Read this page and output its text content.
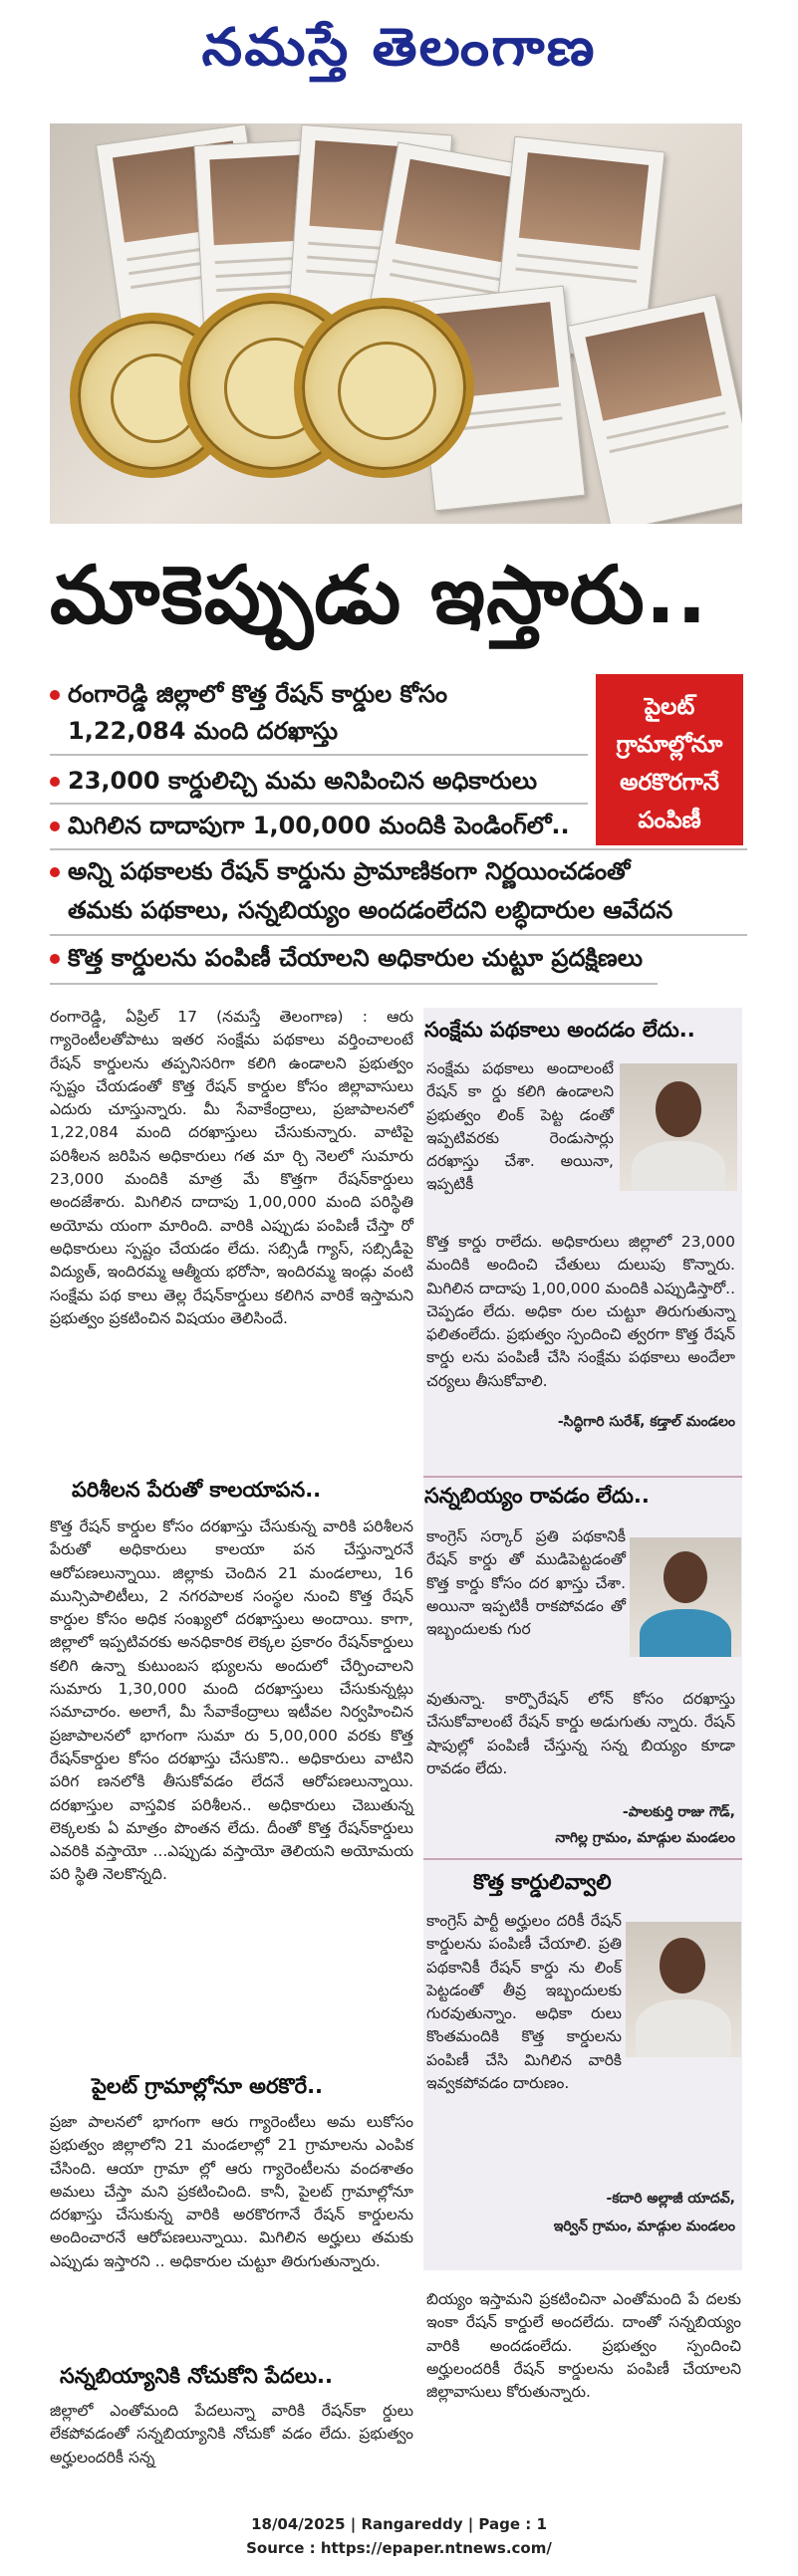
నమస్తే తెలంగాణ
మాకెప్పుడు ఇస్తారు..
రంగారెడ్డి జిల్లాలో కొత్త రేషన్ కార్డుల కోసం
1,22,084 మంది దరఖాస్తు
23,000 కార్డులిచ్చి మమ అనిపించిన అధికారులు
మిగిలిన దాదాపుగా 1,00,000 మందికి పెండింగ్‌లో..
అన్ని పథకాలకు రేషన్ కార్డును ప్రామాణికంగా నిర్ణయించడంతో
తమకు పథకాలు, సన్నబియ్యం అందడంలేదని లబ్ధిదారుల ఆవేదన
కొత్త కార్డులను పంపిణీ చేయాలని అధికారుల చుట్టూ ప్రదక్షిణలు
పైలట్
గ్రామాల్లోనూ
అరకొరగానే
పంపిణీ
రంగారెడ్డి, ఏప్రిల్ 17 (నమస్తే తెలంగాణ) : ఆరు గ్యారెంటీలతోపాటు ఇతర సంక్షేమ పథకాలు వర్తించాలంటే రేషన్ కార్డులను తప్పనిసరిగా కలిగి ఉండాలని ప్రభుత్వం స్పష్టం చేయడంతో కొత్త రేషన్ కార్డుల కోసం జిల్లావాసులు ఎదురు చూస్తున్నారు. మీ సేవాకేంద్రాలు, ప్రజాపాలనలో 1,22,084 మంది దరఖాస్తులు చేసుకున్నారు. వాటిపై పరిశీలన జరిపిన అధికారులు గత మా ర్చి నెలలో సుమారు 23,000 మందికి మాత్ర మే కొత్తగా రేషన్‌కార్డులు అందజేశారు. మిగిలిన దాదాపు 1,00,000 మంది పరిస్థితి అయోమ యంగా మారింది. వారికి ఎప్పుడు పంపిణీ చేస్తా రో అధికారులు స్పష్టం చేయడం లేదు. సబ్సిడీ గ్యాస్, సబ్సిడీపై విద్యుత్, ఇందిరమ్మ ఆత్మీయ భరోసా, ఇందిరమ్మ ఇండ్లు వంటి సంక్షేమ పథ కాలు తెల్ల రేషన్‌కార్డులు కలిగిన వారికే ఇస్తామని ప్రభుత్వం ప్రకటించిన విషయం తెలిసిందే.
పరిశీలన పేరుతో కాలయాపన..
కొత్త రేషన్ కార్డుల కోసం దరఖాస్తు చేసుకున్న వారికి పరిశీలన పేరుతో అధికారులు కాలయా పన చేస్తున్నారనే ఆరోపణలున్నాయి. జిల్లాకు చెందిన 21 మండలాలు, 16 మున్సిపాలిటీలు, 2 నగరపాలక సంస్థల నుంచి కొత్త రేషన్ కార్డుల కోసం అధిక సంఖ్యలో దరఖాస్తులు అందాయి. కాగా, జిల్లాలో ఇప్పటివరకు అనధికారిక లెక్కల ప్రకారం రేషన్‌కార్డులు కలిగి ఉన్నా కుటుంబస భ్యులను అందులో చేర్పించాలని సుమారు 1,30,000 మంది దరఖాస్తులు చేసుకున్నట్లు సమాచారం. అలాగే, మీ సేవాకేంద్రాలు ఇటీవల నిర్వహించిన ప్రజాపాలనలో భాగంగా సుమా రు 5,00,000 వరకు కొత్త రేషన్‌కార్డుల కోసం దరఖాస్తు చేసుకొని.. అధికారులు వాటిని పరిగ ణనలోకి తీసుకోవడం లేదనే ఆరోపణలున్నాయి. దరఖాస్తుల వాస్తవిక పరిశీలన.. అధికారులు చెబుతున్న లెక్కలకు ఏ మాత్రం పొంతన లేదు. దీంతో కొత్త రేషన్‌కార్డులు ఎవరికి వస్తాయో ...ఎప్పుడు వస్తాయో తెలియని అయోమయ పరి స్థితి నెలకొన్నది.
పైలట్ గ్రామాల్లోనూ అరకొరే..
ప్రజా పాలనలో భాగంగా ఆరు గ్యారెంటీలు అమ లుకోసం ప్రభుత్వం జిల్లాలోని 21 మండలాల్లో 21 గ్రామాలను ఎంపిక చేసింది. ఆయా గ్రామా ల్లో ఆరు గ్యారెంటీలను వందశాతం అమలు చేస్తా మని ప్రకటించింది. కానీ, పైలట్ గ్రామాల్లోనూ దరఖాస్తు చేసుకున్న వారికి అరకొరగానే రేషన్ కార్డులను అందించారనే ఆరోపణలున్నాయి. మిగిలిన అర్హులు తమకు ఎప్పుడు ఇస్తారని .. అధికారుల చుట్టూ తిరుగుతున్నారు.
సన్నబియ్యానికి నోచుకోని పేదలు..
జిల్లాలో ఎంతోమంది పేదలున్నా వారికి రేషన్‌కా ర్డులు లేకపోవడంతో సన్నబియ్యానికి నోచుకో వడం లేదు. ప్రభుత్వం అర్హులందరికీ సన్న
సంక్షేమ పథకాలు అందడం లేదు..
సంక్షేమ పథకాలు అందాలంటే రేషన్ కా ర్డు కలిగి ఉండాలని ప్రభుత్వం లింక్ పెట్ట డంతో ఇప్పటివరకు రెండుసార్లు దరఖాస్తు చేశా. అయినా, ఇప్పటికీ
కొత్త కార్డు రాలేదు. అధికారులు జిల్లాలో 23,000 మందికి అందించి చేతులు దులుపు కొన్నారు. మిగిలిన దాదాపు 1,00,000 మందికి ఎప్పుడిస్తారో.. చెప్పడం లేదు. అధికా రుల చుట్టూ తిరుగుతున్నా ఫలితంలేదు. ప్రభుత్వం స్పందించి త్వరగా కొత్త రేషన్ కార్డు లను పంపిణీ చేసి సంక్షేమ పథకాలు అందేలా చర్యలు తీసుకోవాలి.
-సిద్ధిగారి సురేశ్, కడ్తాల్ మండలం
సన్నబియ్యం రావడం లేదు..
కాంగ్రెస్ సర్కార్ ప్రతి పథకానికీ రేషన్ కార్డు తో ముడిపెట్టడంతో కొత్త కార్డు కోసం దర ఖాస్తు చేశా. అయినా ఇప్పటికీ రాకపోవడం తో ఇబ్బందులకు గుర
వుతున్నా. కార్పొరేషన్ లోన్ కోసం దరఖాస్తు చేసుకోవాలంటే రేషన్ కార్డు అడుగుతు న్నారు. రేషన్ షాపుల్లో పంపిణీ చేస్తున్న సన్న బియ్యం కూడా రావడం లేదు.
-పాలకుర్తి రాజు గౌడ్,
నాగిల్ల గ్రామం, మాడ్గుల మండలం
కొత్త కార్డులివ్వాలి
కాంగ్రెస్ పార్టీ అర్హులం దరికీ రేషన్ కార్డులను పంపిణీ చేయాలి. ప్రతి పథకానికీ రేషన్ కార్డు ను లింక్ పెట్టడంతో తీవ్ర ఇబ్బందులకు గురవుతున్నాం. అధికా రులు కొంతమందికి కొత్త కార్డులను పంపిణీ చేసి మిగిలిన వారికి ఇవ్వకపోవడం దారుణం.
-కదారి అల్లాజీ యాదవ్,
ఇర్విన్ గ్రామం, మాడ్గుల మండలం
బియ్యం ఇస్తామని ప్రకటించినా ఎంతోమంది పే దలకు ఇంకా రేషన్ కార్డులే అందలేదు. దాంతో సన్నబియ్యం వారికి అందడంలేదు. ప్రభుత్వం స్పందించి అర్హులందరికీ రేషన్ కార్డులను పంపిణీ చేయాలని జిల్లావాసులు కోరుతున్నారు.
18/04/2025 | Rangareddy | Page : 1
Source : https://epaper.ntnews.com/
